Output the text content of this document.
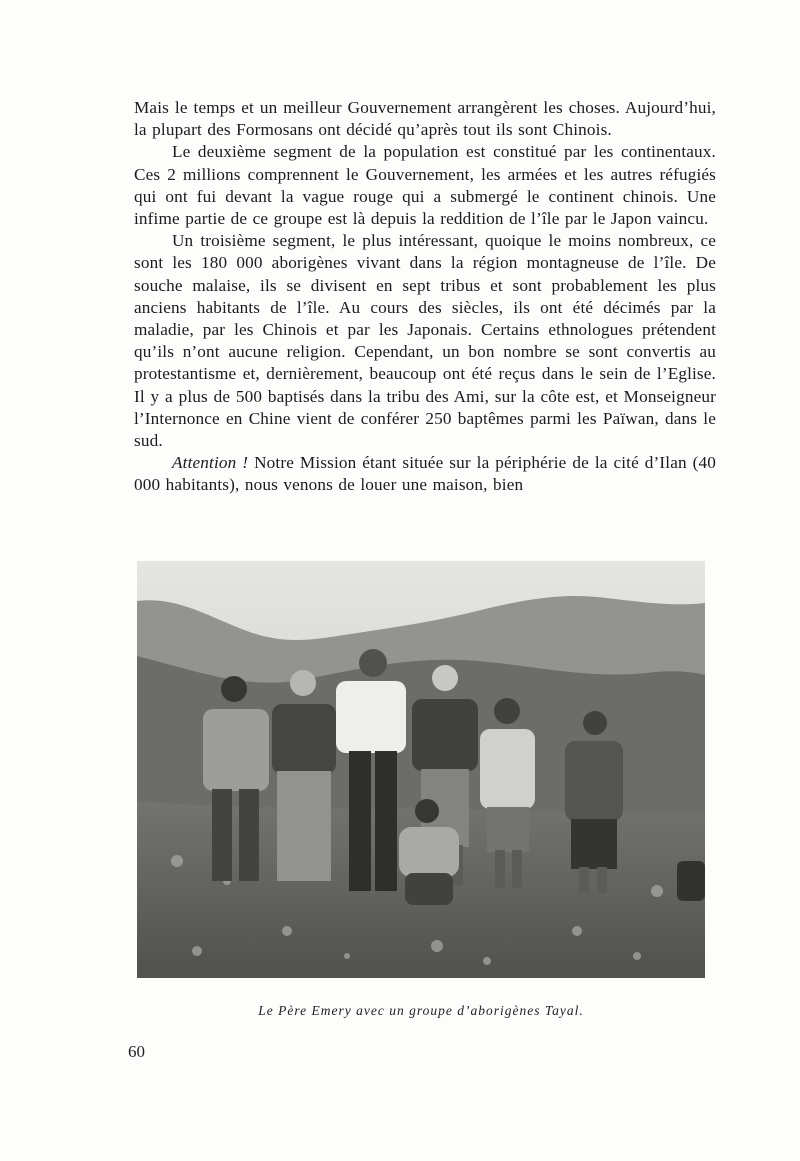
Mais le temps et un meilleur Gouvernement arrangèrent les choses. Aujourd’hui, la plupart des Formosans ont décidé qu’après tout ils sont Chinois.

Le deuxième segment de la population est constitué par les continentaux. Ces 2 millions comprennent le Gouvernement, les armées et les autres réfugiés qui ont fui devant la vague rouge qui a submergé le continent chinois. Une infime partie de ce groupe est là depuis la reddition de l’île par le Japon vaincu.

Un troisième segment, le plus intéressant, quoique le moins nombreux, ce sont les 180 000 aborigènes vivant dans la région montagneuse de l’île. De souche malaise, ils se divisent en sept tribus et sont probablement les plus anciens habitants de l’île. Au cours des siècles, ils ont été décimés par la maladie, par les Chinois et par les Japonais. Certains ethnologues prétendent qu’ils n’ont aucune religion. Cependant, un bon nombre se sont convertis au protestantisme et, dernièrement, beaucoup ont été reçus dans le sein de l’Eglise. Il y a plus de 500 baptisés dans la tribu des Ami, sur la côte est, et Monseigneur l’Internonce en Chine vient de conférer 250 baptêmes parmi les Païwan, dans le sud.

Attention ! Notre Mission étant située sur la périphérie de la cité d’Ilan (40 000 habitants), nous venons de louer une maison, bien

Le Père Emery avec un groupe d’aborigènes Tayal.
60
